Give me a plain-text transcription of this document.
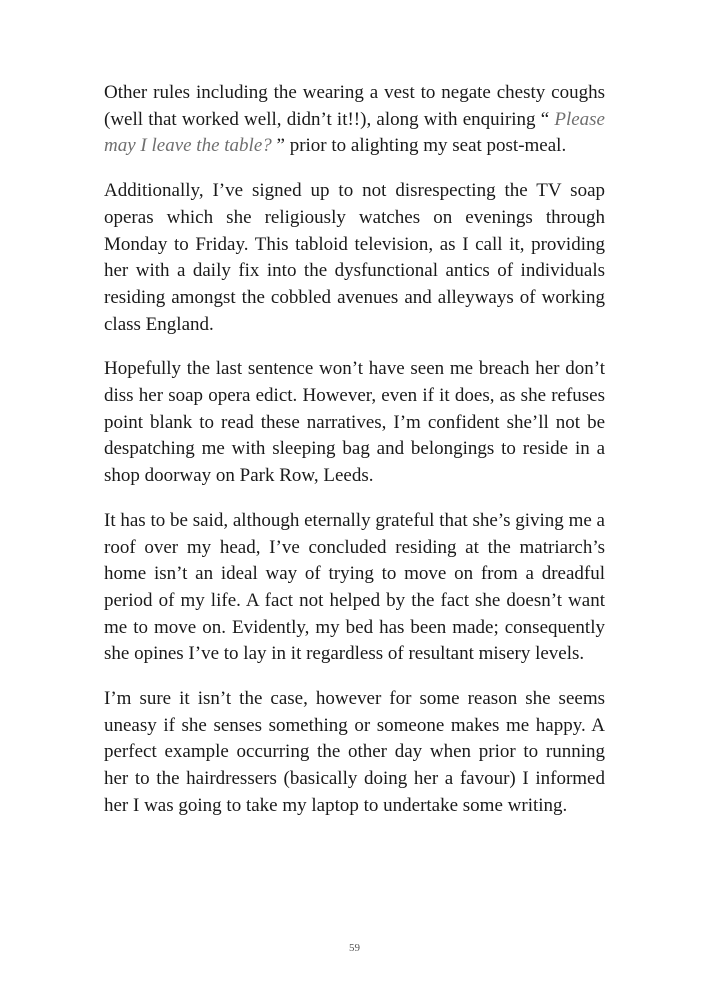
Other rules including the wearing a vest to negate chesty coughs (well that worked well, didn’t it!!), along with enquiring “ Please may I leave the table? ” prior to alighting my seat post-meal.

Additionally, I’ve signed up to not disrespecting the TV soap operas which she religiously watches on evenings through Monday to Friday. This tabloid television, as I call it, providing her with a daily fix into the dysfunctional antics of individuals residing amongst the cobbled avenues and alleyways of working class England.

Hopefully the last sentence won’t have seen me breach her don’t diss her soap opera edict. However, even if it does, as she refuses point blank to read these narratives, I’m confident she’ll not be despatching me with sleeping bag and belongings to reside in a shop doorway on Park Row, Leeds.

It has to be said, although eternally grateful that she’s giving me a roof over my head, I’ve concluded residing at the matriarch’s home isn’t an ideal way of trying to move on from a dreadful period of my life. A fact not helped by the fact she doesn’t want me to move on. Evidently, my bed has been made; consequently she opines I’ve to lay in it regardless of resultant misery levels.

I’m sure it isn’t the case, however for some reason she seems uneasy if she senses something or someone makes me happy. A perfect example occurring the other day when prior to running her to the hairdressers (basically doing her a favour) I informed her I was going to take my laptop to undertake some writing.

59
